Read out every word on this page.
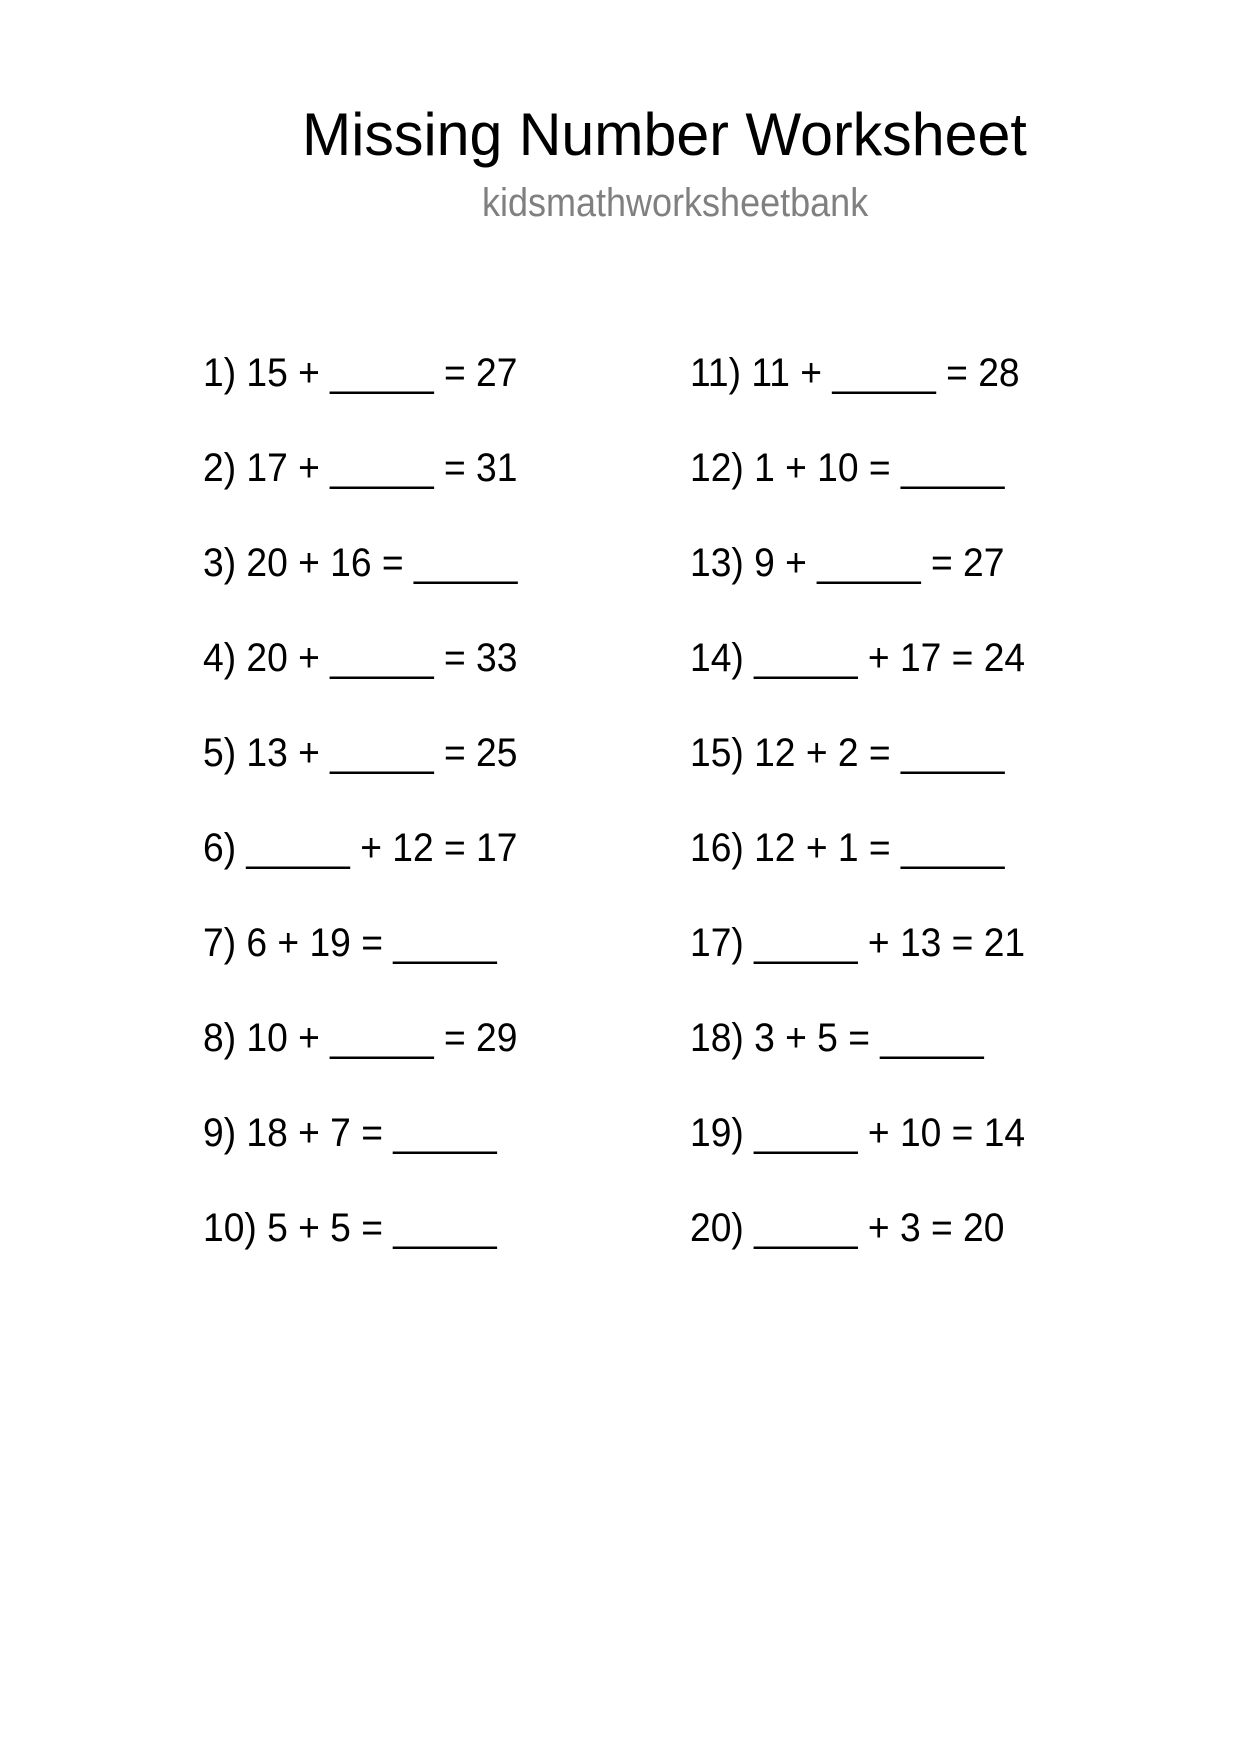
Missing Number Worksheet
kidsmathworksheetbank
1) 15 + _____ = 27
2) 17 + _____ = 31
3) 20 + 16 = _____
4) 20 + _____ = 33
5) 13 + _____ = 25
6) _____ + 12 = 17
7) 6 + 19 = _____
8) 10 + _____ = 29
9) 18 + 7 = _____
10) 5 + 5 = _____
11) 11 + _____ = 28
12) 1 + 10 = _____
13) 9 + _____ = 27
14) _____ + 17 = 24
15) 12 + 2 = _____
16) 12 + 1 = _____
17) _____ + 13 = 21
18) 3 + 5 = _____
19) _____ + 10 = 14
20) _____ + 3 = 20
